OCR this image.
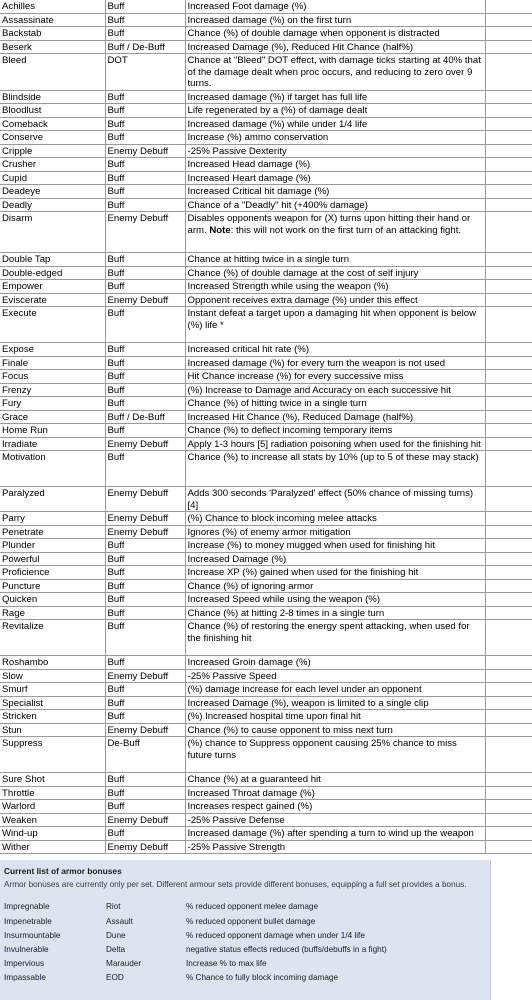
Achilles	Buff	Increased Foot damage (%)	
Assassinate	Buff	Increased damage (%) on the first turn	
Backstab	Buff	Chance (%) of double damage when opponent is distracted	
Beserk	Buff / De-Buff	Increased Damage (%), Reduced Hit Chance (half%)	
Bleed	DOT	Chance at "Bleed" DOT effect, with damage ticks starting at 40% that of the damage dealt when proc occurs, and reducing to zero over 9 turns.	
Blindside	Buff	Increased damage (%) if target has full life	
Bloodlust	Buff	Life regenerated by a (%) of damage dealt	
Comeback	Buff	Increased damage (%) while under 1/4 life	
Conserve	Buff	Increase (%) ammo conservation	
Cripple	Enemy Debuff	-25% Passive Dexterity	
Crusher	Buff	Increased Head damage (%)	
Cupid	Buff	Increased Heart damage (%)	
Deadeye	Buff	Increased Critical hit damage (%)	
Deadly	Buff	Chance of a "Deadly" hit (+400% damage)	
Disarm	Enemy Debuff	Disables opponents weapon for (X) turns upon hitting their hand or arm. Note: this will not work on the first turn of an attacking fight.	
Double Tap	Buff	Chance at hitting twice in a single turn	
Double-edged	Buff	Chance (%) of double damage at the cost of self injury	
Empower	Buff	Increased Strength while using the weapon (%)	
Eviscerate	Enemy Debuff	Opponent receives extra damage (%) under this effect	
Execute	Buff	Instant defeat a target upon a damaging hit when opponent is below (%) life *	
Expose	Buff	Increased critical hit rate (%)	
Finale	Buff	Increased damage (%) for every turn the weapon is not used	
Focus	Buff	Hit Chance increase (%) for every successive miss	
Frenzy	Buff	(%) Increase to Damage and Accuracy on each successive hit	
Fury	Buff	Chance (%) of hitting twice in a single turn	
Grace	Buff / De-Buff	Increased Hit Chance (%), Reduced Damage (half%)	
Home Run	Buff	Chance (%) to deflect incoming temporary items	
Irradiate	Enemy Debuff	Apply 1-3 hours [5] radiation poisoning when used for the finishing hit	
Motivation	Buff	Chance (%) to increase all stats by 10% (up to 5 of these may stack)	
Paralyzed	Enemy Debuff	Adds 300 seconds 'Paralyzed' effect (50% chance of missing turns) [4]	
Parry	Enemy Debuff	(%) Chance to block incoming melee attacks	
Penetrate	Enemy Debuff	Ignores (%) of enemy armor mitigation	
Plunder	Buff	Increase (%) to money mugged when used for finishing hit	
Powerful	Buff	Increased Damage (%)	
Proficience	Buff	Increase XP (%) gained when used for the finishing hit	
Puncture	Buff	Chance (%) of ignoring armor	
Quicken	Buff	Increased Speed while using the weapon (%)	
Rage	Buff	Chance (%) at hitting 2-8 times in a single turn	
Revitalize	Buff	Chance (%) of restoring the energy spent attacking, when used for the finishing hit	
Roshambo	Buff	Increased Groin damage (%)	
Slow	Enemy Debuff	-25% Passive Speed	
Smurf	Buff	(%) damage increase for each level under an opponent	
Specialist	Buff	Increased Damage (%), weapon is limited to a single clip	
Stricken	Buff	(%) Increased hospital time upon final hit	
Stun	Enemy Debuff	Chance (%) to cause opponent to miss next turn	
Suppress	De-Buff	(%) chance to Suppress opponent causing 25% chance to miss future turns	
Sure Shot	Buff	Chance (%) at a guaranteed hit	
Throttle	Buff	Increased Throat damage (%)	
Warlord	Buff	Increases respect gained (%)	
Weaken	Enemy Debuff	-25% Passive Defense	
Wind-up	Buff	Increased damage (%) after spending a turn to wind up the weapon	
Wither	Enemy Debuff	-25% Passive Strength	
Current list of armor bonuses
Armor bonuses are currently only per set. Different armour sets provide different bonuses, equipping a full set provides a bonus.
Impregnable	Riot	% reduced opponent melee damage
Impenetrable	Assault	% reduced opponent bullet damage
Insurmountable	Dune	% reduced opponent damage when under 1/4 life
Invulnerable	Delta	negative status effects reduced (buffs/debuffs in a fight)
Impervious	Marauder	Increase % to max life
Impassable	EOD	% Chance to fully block incoming damage
